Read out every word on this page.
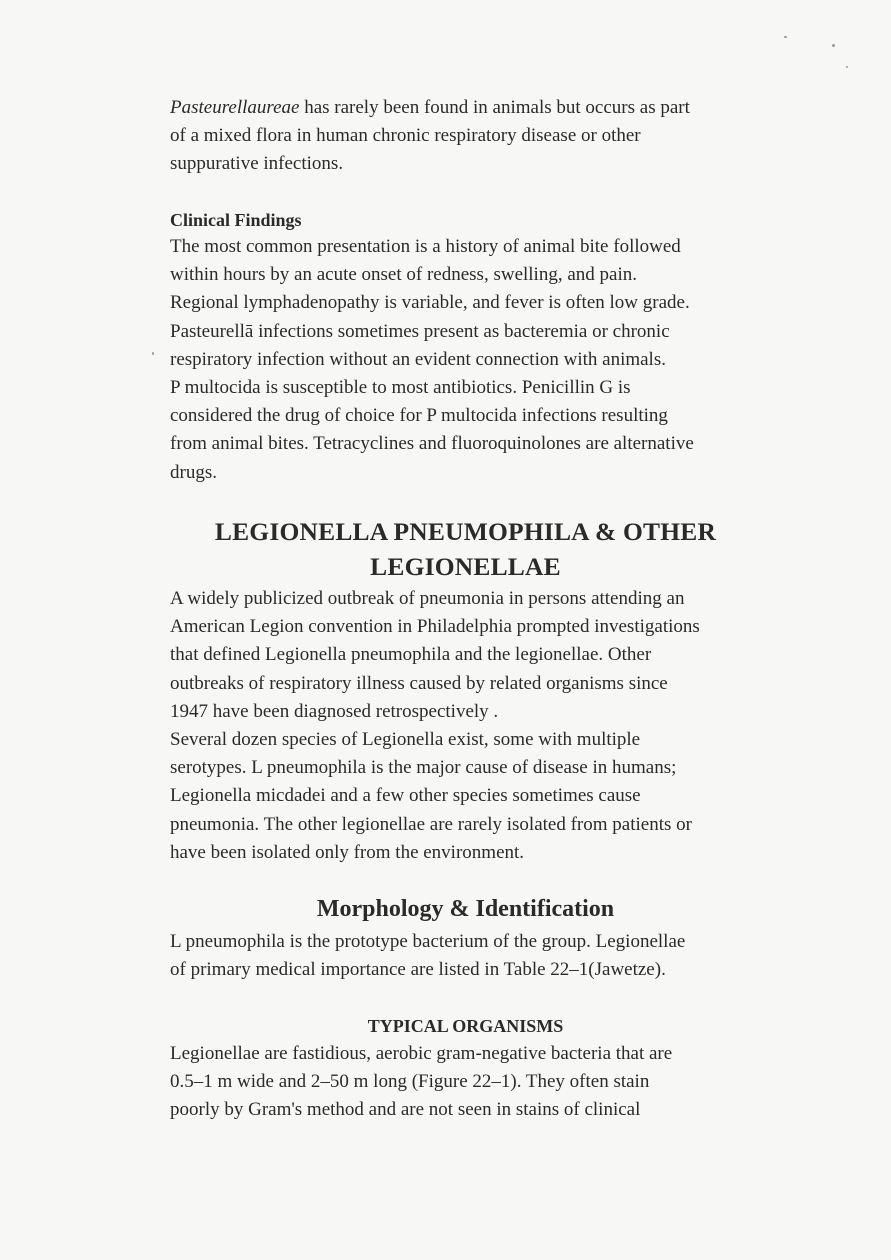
Pasteurellaureae has rarely been found in animals but occurs as part
of a mixed flora in human chronic respiratory disease or other
suppurative infections.
Clinical Findings
The most common presentation is a history of animal bite followed
within hours by an acute onset of redness, swelling, and pain.
Regional lymphadenopathy is variable, and fever is often low grade.
Pasteurellā infections sometimes present as bacteremia or chronic
respiratory infection without an evident connection with animals.
P multocida is susceptible to most antibiotics. Penicillin G is
considered the drug of choice for P multocida infections resulting
from animal bites. Tetracyclines and fluoroquinolones are alternative
drugs.
LEGIONELLA PNEUMOPHILA & OTHER
LEGIONELLAE
A widely publicized outbreak of pneumonia in persons attending an
American Legion convention in Philadelphia prompted investigations
that defined Legionella pneumophila and the legionellae. Other
outbreaks of respiratory illness caused by related organisms since
1947 have been diagnosed retrospectively .
Several dozen species of Legionella exist, some with multiple
serotypes. L pneumophila is the major cause of disease in humans;
Legionella micdadei and a few other species sometimes cause
pneumonia. The other legionellae are rarely isolated from patients or
have been isolated only from the environment.
Morphology & Identification
L pneumophila is the prototype bacterium of the group. Legionellae
of primary medical importance are listed in Table 22–1(Jawetze).
TYPICAL ORGANISMS
Legionellae are fastidious, aerobic gram-negative bacteria that are
0.5–1 m wide and 2–50 m long (Figure 22–1). They often stain
poorly by Gram's method and are not seen in stains of clinical
